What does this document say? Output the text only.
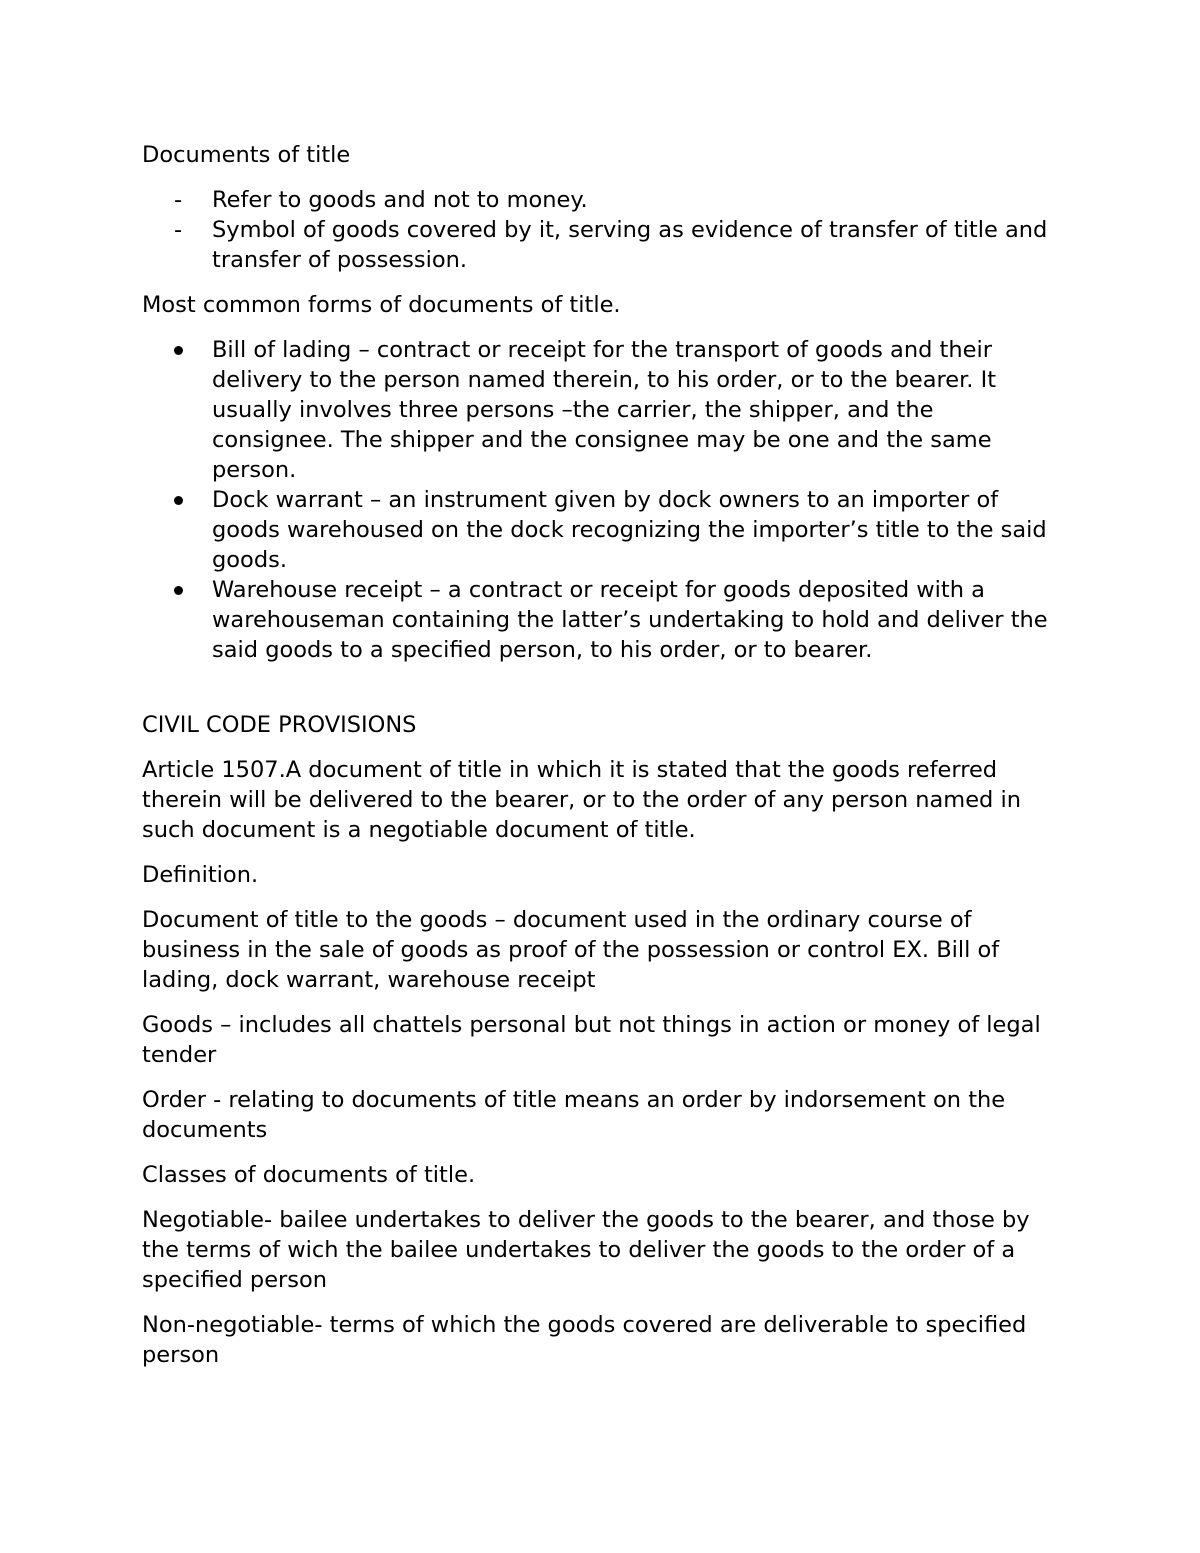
Documents of title

- Refer to goods and not to money.
- Symbol of goods covered by it, serving as evidence of transfer of title and transfer of possession.

Most common forms of documents of title.

Bill of lading – contract or receipt for the transport of goods and their delivery to the person named therein, to his order, or to the bearer. It usually involves three persons –the carrier, the shipper, and the consignee. The shipper and the consignee may be one and the same person.
Dock warrant – an instrument given by dock owners to an importer of goods warehoused on the dock recognizing the importer’s title to the said goods.
Warehouse receipt – a contract or receipt for goods deposited with a warehouseman containing the latter’s undertaking to hold and deliver the said goods to a specified person, to his order, or to bearer.

CIVIL CODE PROVISIONS

Article 1507.A document of title in which it is stated that the goods referred therein will be delivered to the bearer, or to the order of any person named in such document is a negotiable document of title.

Definition.

Document of title to the goods – document used in the ordinary course of business in the sale of goods as proof of the possession or control EX. Bill of lading, dock warrant, warehouse receipt

Goods – includes all chattels personal but not things in action or money of legal tender

Order - relating to documents of title means an order by indorsement on the documents

Classes of documents of title.

Negotiable- bailee undertakes to deliver the goods to the bearer, and those by the terms of wich the bailee undertakes to deliver the goods to the order of a specified person

Non-negotiable- terms of which the goods covered are deliverable to specified person
